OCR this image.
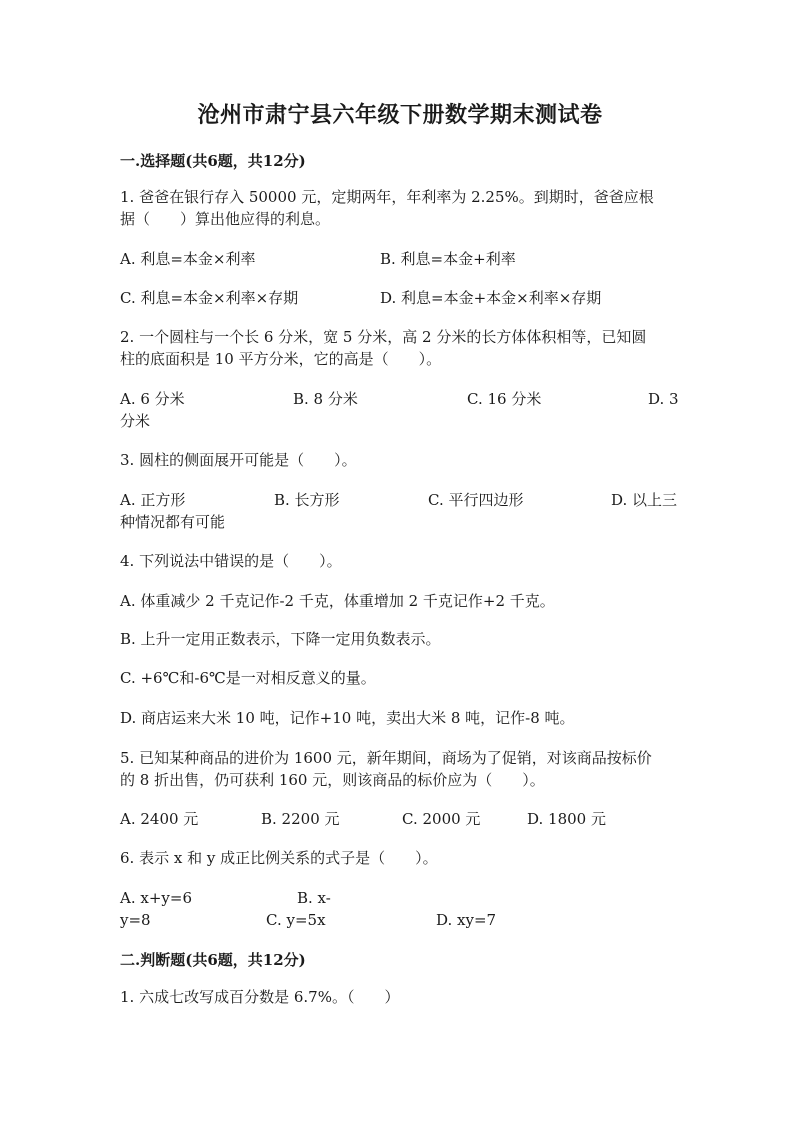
沧州市肃宁县六年级下册数学期末测试卷
一.选择题(共6题，共12分)
1. 爸爸在银行存入 50000 元，定期两年，年利率为 2.25%。到期时，爸爸应根
据（　　）算出他应得的利息。
A. 利息=本金×利率	B. 利息=本金+利率
C. 利息=本金×利率×存期	D. 利息=本金+本金×利率×存期
2. 一个圆柱与一个长 6 分米，宽 5 分米，高 2 分米的长方体体积相等，已知圆
柱的底面积是 10 平方分米，它的高是（　　）。
A. 6 分米	B. 8 分米	C. 16 分米	D. 3
分米
3. 圆柱的侧面展开可能是（　　）。
A. 正方形	B. 长方形	C. 平行四边形	D. 以上三
种情况都有可能
4. 下列说法中错误的是（　　）。
A. 体重减少 2 千克记作-2 千克，体重增加 2 千克记作+2 千克。
B. 上升一定用正数表示，下降一定用负数表示。
C. +6℃和-6℃是一对相反意义的量。
D. 商店运来大米 10 吨，记作+10 吨，卖出大米 8 吨，记作-8 吨。
5. 已知某种商品的进价为 1600 元，新年期间，商场为了促销，对该商品按标价
的 8 折出售，仍可获利 160 元，则该商品的标价应为（　　）。
A. 2400 元	B. 2200 元	C. 2000 元	D. 1800 元
6. 表示 x 和 y 成正比例关系的式子是（　　）。
A. x+y=6	B. x-
y=8	C. y=5x	D. xy=7
二.判断题(共6题，共12分)
1. 六成七改写成百分数是 6.7%。（　　）
